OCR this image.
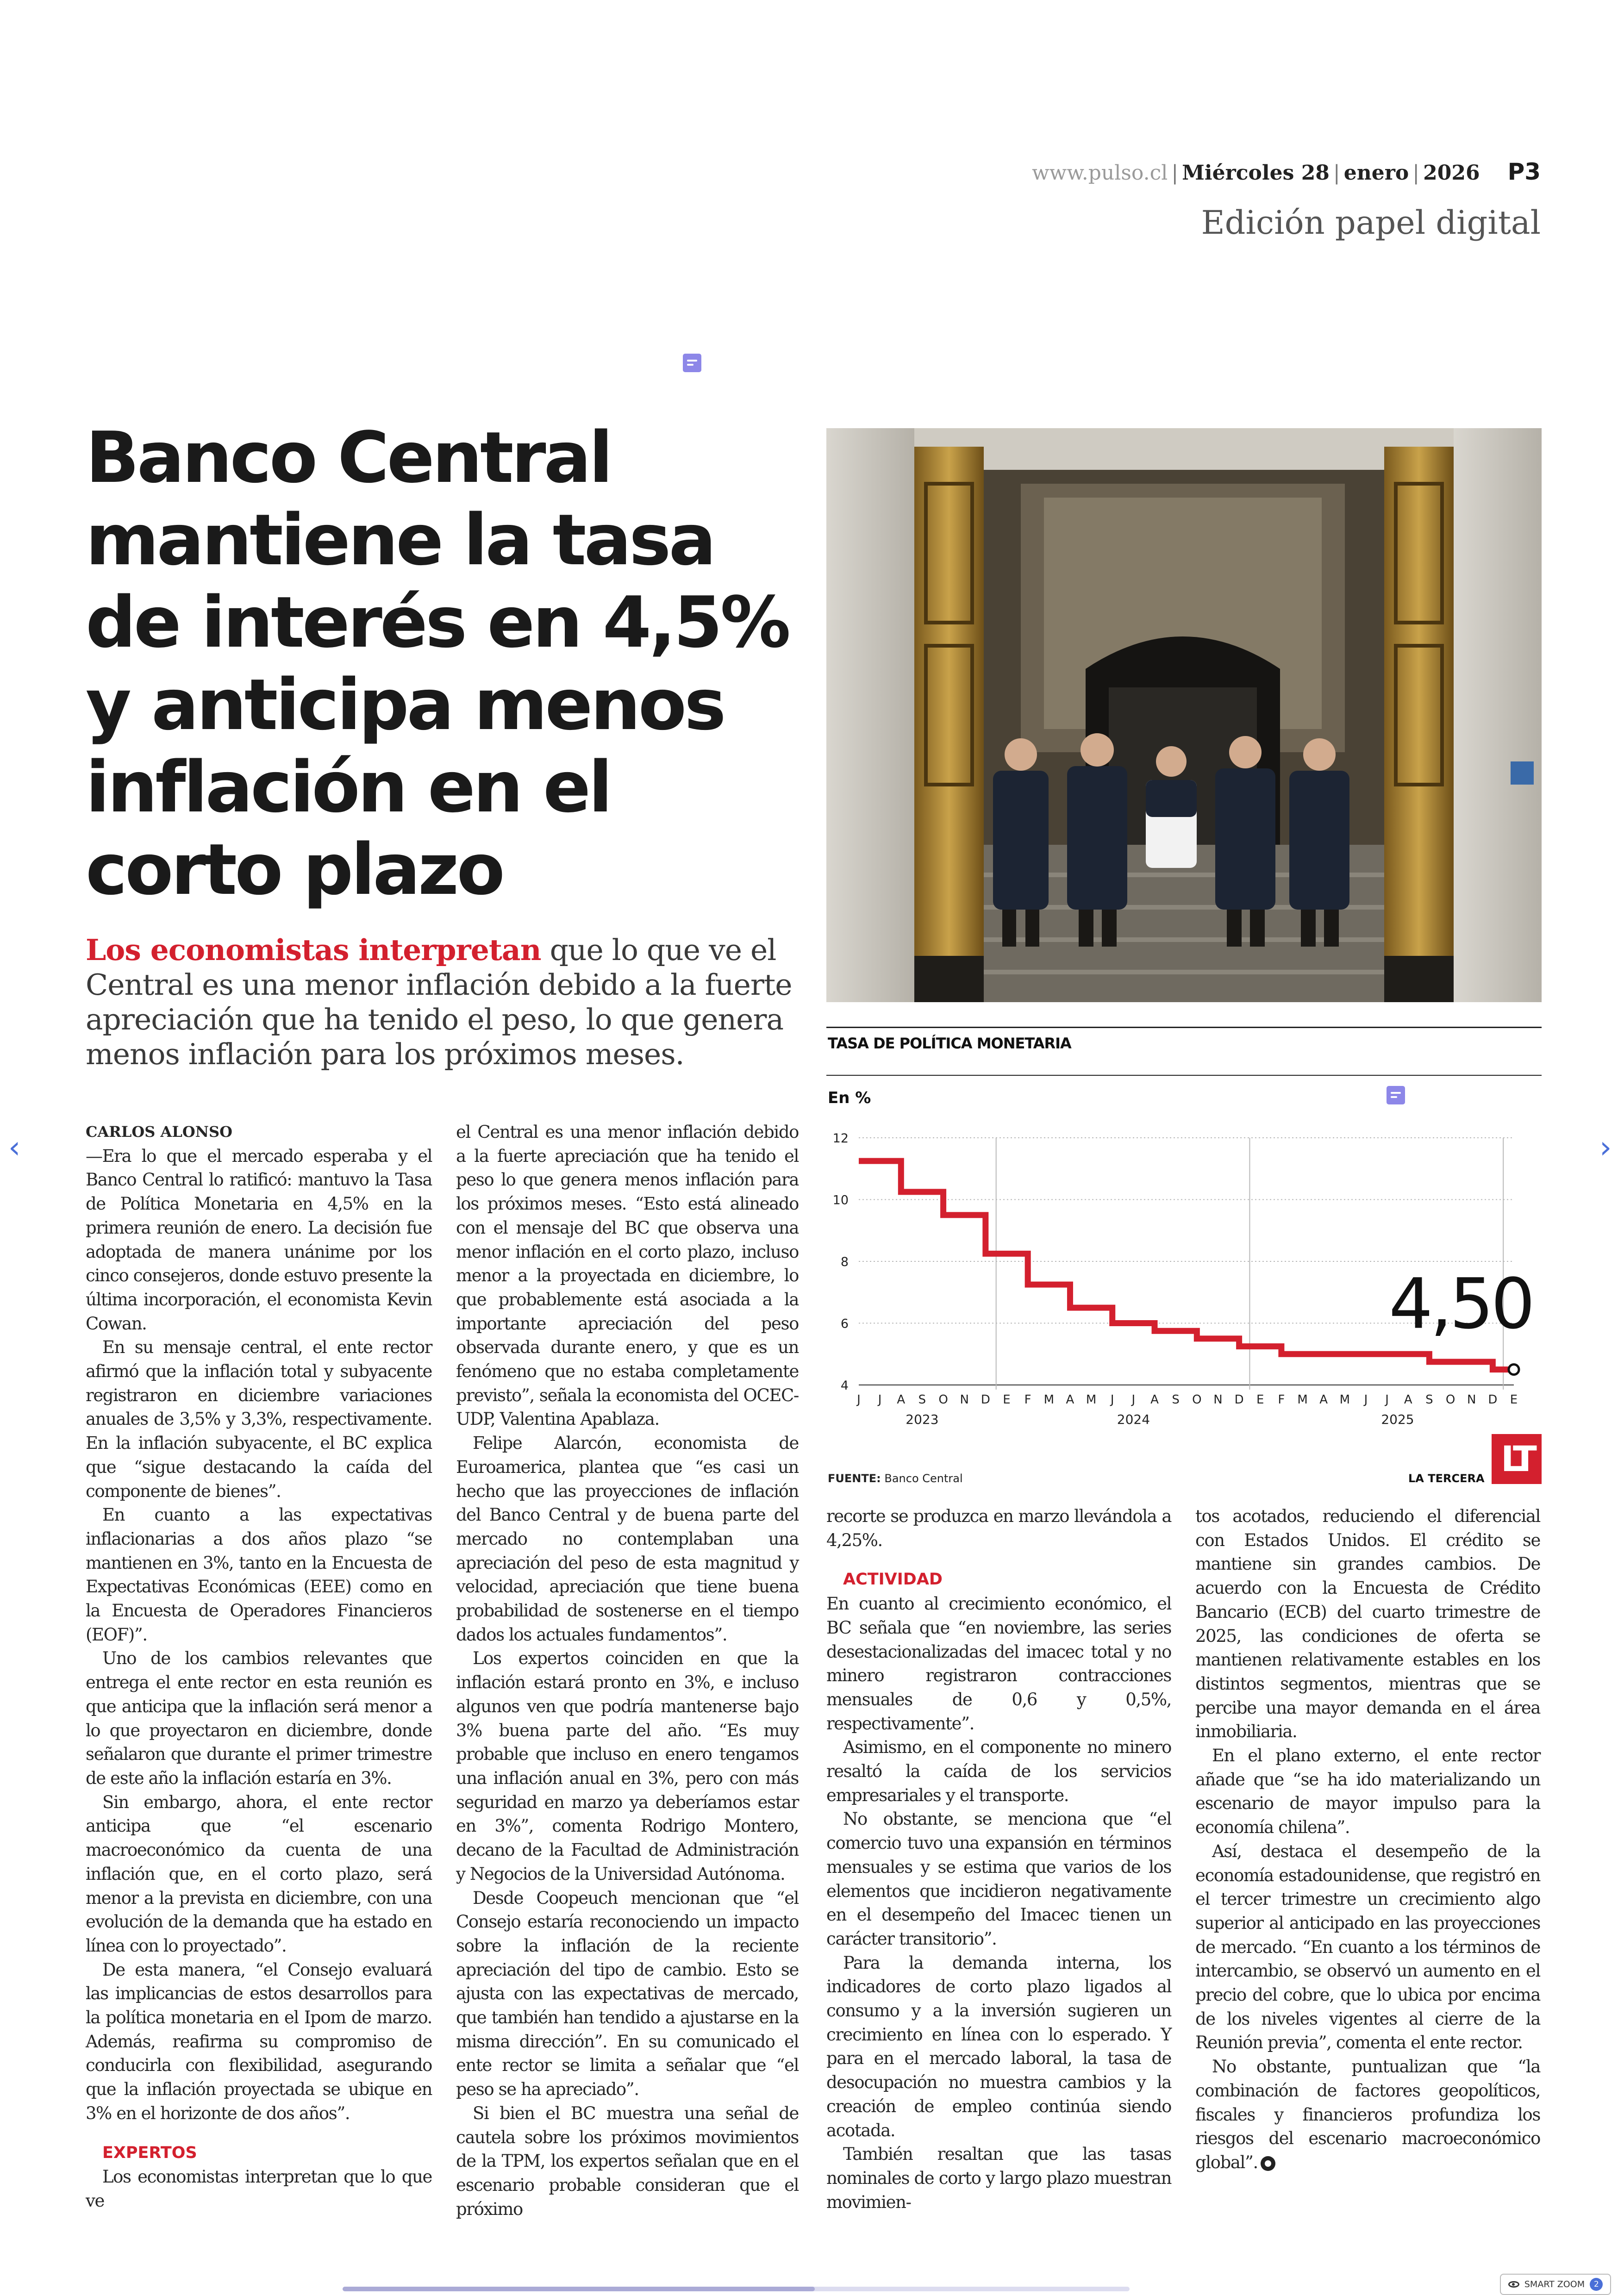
www.pulso.cl | Miércoles 28 | enero | 2026 P3
Edición papel digital
Banco Central
mantiene la tasa
de interés en 4,5%
y anticipa menos
inflación en el
corto plazo
Los economistas interpretan que lo que ve el Central es una menor inflación debido a la fuerte apreciación que ha tenido el peso, lo que genera menos inflación para los próximos meses.	TASA DE POLÍTICA MONETARIA
En %
4
6
8
10
12
J J A S O N D E F M A M J J A S O N D E F M A M J J A S O N D E
2023	2024	2025
4,50
FUENTE: Banco Central	LA TERCERA LT

CARLOS ALONSO

—Era lo que el mercado esperaba y el Banco Central lo ratificó: mantuvo la Tasa de Política Monetaria en 4,5% en la primera reunión de enero. La decisión fue adoptada de manera unánime por los cinco consejeros, donde estuvo presente la última incorporación, el economista Kevin Cowan.

En su mensaje central, el ente rector afirmó que la inflación total y subyacente registraron en diciembre variaciones anuales de 3,5% y 3,3%, respectivamente. En la inflación subyacente, el BC explica que “sigue destacando la caída del componente de bienes”.

En cuanto a las expectativas inflacionarias a dos años plazo “se mantienen en 3%, tanto en la Encuesta de Expectativas Económicas (EEE) como en la Encuesta de Operadores Financieros (EOF)”.

Uno de los cambios relevantes que entrega el ente rector en esta reunión es que anticipa que la inflación será menor a lo que proyectaron en diciembre, donde señalaron que durante el primer trimestre de este año la inflación estaría en 3%.

Sin embargo, ahora, el ente rector anticipa que “el escenario macroeconómico da cuenta de una inflación que, en el corto plazo, será menor a la prevista en diciembre, con una evolución de la demanda que ha estado en línea con lo proyectado”.

De esta manera, “el Consejo evaluará las implicancias de estos desarrollos para la política monetaria en el Ipom de marzo. Además, reafirma su compromiso de conducirla con flexibilidad, asegurando que la inflación proyectada se ubique en 3% en el horizonte de dos años”.

EXPERTOS

Los economistas interpretan que lo que ve

el Central es una menor inflación debido a la fuerte apreciación que ha tenido el peso lo que genera menos inflación para los próximos meses. “Esto está alineado con el mensaje del BC que observa una menor inflación en el corto plazo, incluso menor a la proyectada en diciembre, lo que probablemente está asociada a la importante apreciación del peso observada durante enero, y que es un fenómeno que no estaba completamente previsto”, señala la economista del OCEC-UDP, Valentina Apablaza.

Felipe Alarcón, economista de Euroamerica, plantea que “es casi un hecho que las proyecciones de inflación del Banco Central y de buena parte del mercado no contemplaban una apreciación del peso de esta magnitud y velocidad, apreciación que tiene buena probabilidad de sostenerse en el tiempo dados los actuales fundamentos”.

Los expertos coinciden en que la inflación estará pronto en 3%, e incluso algunos ven que podría mantenerse bajo 3% buena parte del año. “Es muy probable que incluso en enero tengamos una inflación anual en 3%, pero con más seguridad en marzo ya deberíamos estar en 3%”, comenta Rodrigo Montero, decano de la Facultad de Administración y Negocios de la Universidad Autónoma.

Desde Coopeuch mencionan que “el Consejo estaría reconociendo un impacto sobre la inflación de la reciente apreciación del tipo de cambio. Esto se ajusta con las expectativas de mercado, que también han tendido a ajustarse en la misma dirección”. En su comunicado el ente rector se limita a señalar que “el peso se ha apreciado”.

Si bien el BC muestra una señal de cautela sobre los próximos movimientos de la TPM, los expertos señalan que en el escenario probable consideran que el próximo

recorte se produzca en marzo llevándola a 4,25%.

ACTIVIDAD

En cuanto al crecimiento económico, el BC señala que “en noviembre, las series desestacionalizadas del imacec total y no minero registraron contracciones mensuales de 0,6 y 0,5%, respectivamente”.

Asimismo, en el componente no minero resaltó la caída de los servicios empresariales y el transporte.

No obstante, se menciona que “el comercio tuvo una expansión en términos mensuales y se estima que varios de los elementos que incidieron negativamente en el desempeño del Imacec tienen un carácter transitorio”.

Para la demanda interna, los indicadores de corto plazo ligados al consumo y a la inversión sugieren un crecimiento en línea con lo esperado. Y para en el mercado laboral, la tasa de desocupación no muestra cambios y la creación de empleo continúa siendo acotada.

También resaltan que las tasas nominales de corto y largo plazo muestran movimien-

tos acotados, reduciendo el diferencial con Estados Unidos. El crédito se mantiene sin grandes cambios. De acuerdo con la Encuesta de Crédito Bancario (ECB) del cuarto trimestre de 2025, las condiciones de oferta se mantienen relativamente estables en los distintos segmentos, mientras que se percibe una mayor demanda en el área inmobiliaria.

En el plano externo, el ente rector añade que “se ha ido materializando un escenario de mayor impulso para la economía chilena”.

Así, destaca el desempeño de la economía estadounidense, que registró en el tercer trimestre un crecimiento algo superior al anticipado en las proyecciones de mercado. “En cuanto a los términos de intercambio, se observó un aumento en el precio del cobre, que lo ubica por encima de los niveles vigentes al cierre de la Reunión previa”, comenta el ente rector.

No obstante, puntualizan que “la combinación de factores geopolíticos, fiscales y financieros profundiza los riesgos del escenario macroeconómico global”.

‹	›
SMART ZOOM	2
